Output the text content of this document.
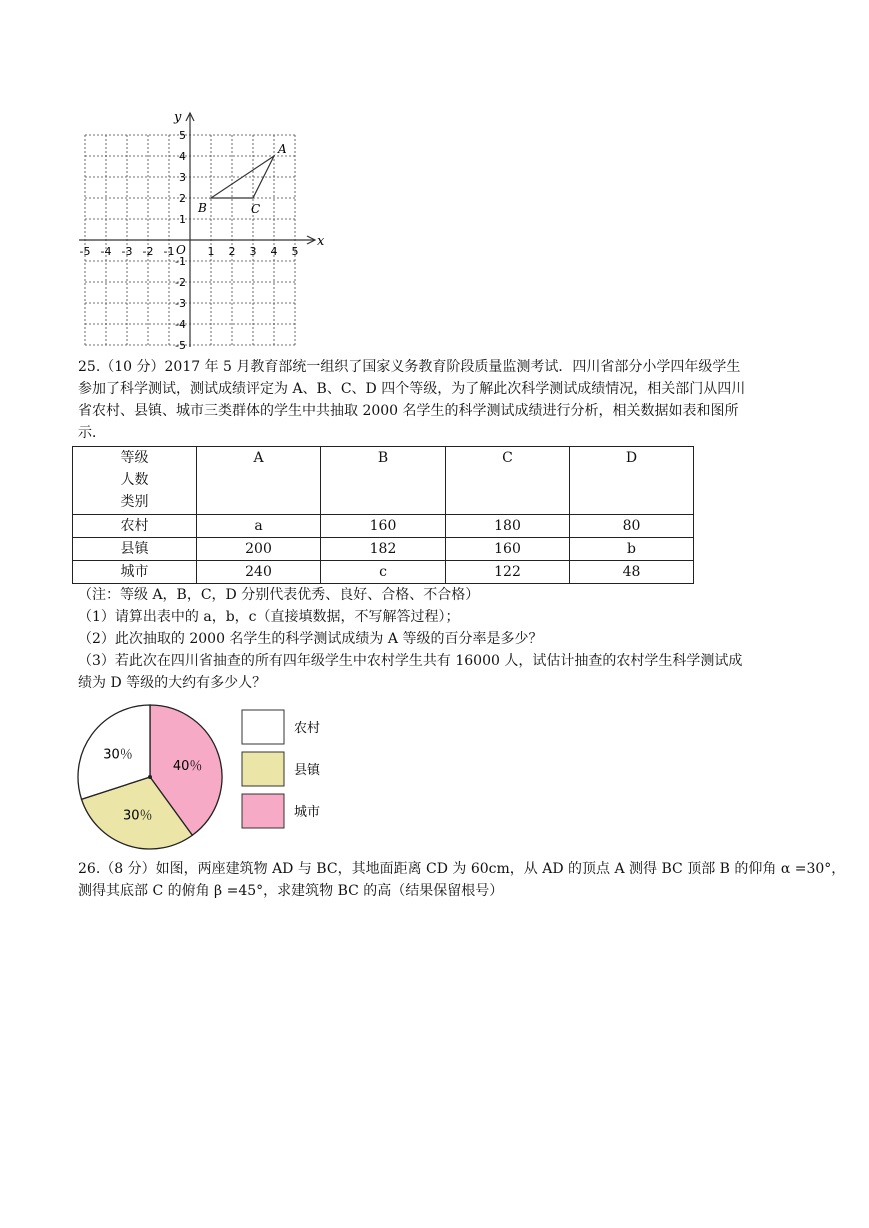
x
y
O
-5 -4 -3 -2 -1	1 2 3 4 5
5
4
3
2
1
-1
-2
-3
-4
-5
A
B	C
25.（10 分）2017 年 5 月教育部统一组织了国家义务教育阶段质量监测考试．四川省部分小学四年级学生
参加了科学测试，测试成绩评定为 A、B、C、D 四个等级，为了解此次科学测试成绩情况，相关部门从四川
省农村、县镇、城市三类群体的学生中共抽取 2000 名学生的科学测试成绩进行分析，相关数据如表和图所
示．
等级
人数
类别	A	B	C	D

农村	a	160	180	80
县镇	200	182	160	b
城市	240	c	122	48
（注：等级 A，B，C，D 分别代表优秀、良好、合格、不合格）
（1）请算出表中的 a，b，c（直接填数据，不写解答过程）；
（2）此次抽取的 2000 名学生的科学测试成绩为 A 等级的百分率是多少？
（3）若此次在四川省抽查的所有四年级学生中农村学生共有 16000 人，试估计抽查的农村学生科学测试成
绩为 D 等级的大约有多少人？
30％
30％
40％
农村
县镇
城市
26.（8 分）如图，两座建筑物 AD 与 BC，其地面距离 CD 为 60cm，从 AD 的顶点 A 测得 BC 顶部 B 的仰角 α =30°，
测得其底部 C 的俯角 β =45°，求建筑物 BC 的高（结果保留根号）
